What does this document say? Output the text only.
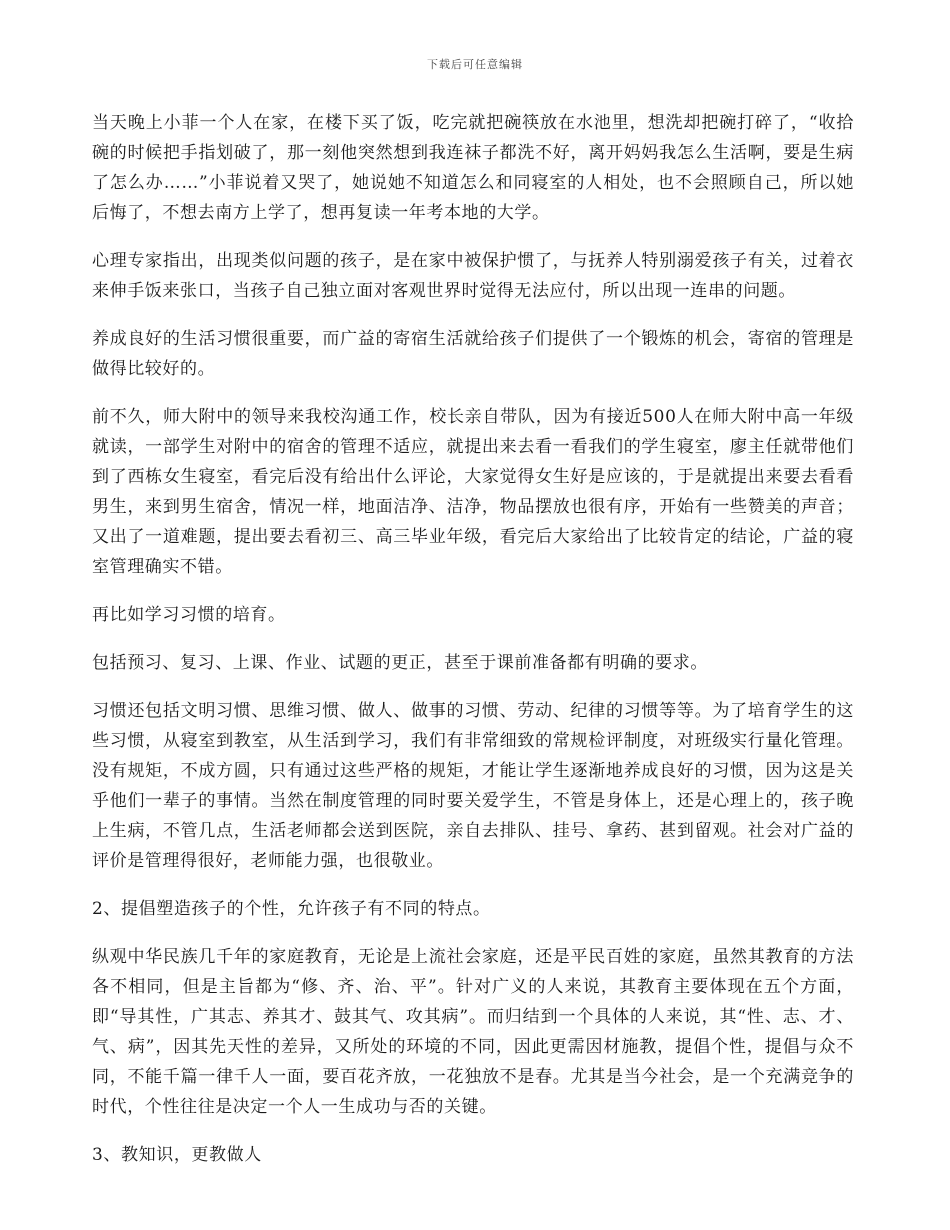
下载后可任意编辑

当天晚上小菲一个人在家，在楼下买了饭，吃完就把碗筷放在水池里，想洗却把碗打碎了，“收拾碗的时候把手指划破了，那一刻他突然想到我连袜子都洗不好，离开妈妈我怎么生活啊，要是生病了怎么办……”小菲说着又哭了，她说她不知道怎么和同寝室的人相处，也不会照顾自己，所以她后悔了，不想去南方上学了，想再复读一年考本地的大学。

心理专家指出，出现类似问题的孩子，是在家中被保护惯了，与抚养人特别溺爱孩子有关，过着衣来伸手饭来张口，当孩子自己独立面对客观世界时觉得无法应付，所以出现一连串的问题。

养成良好的生活习惯很重要，而广益的寄宿生活就给孩子们提供了一个锻炼的机会，寄宿的管理是做得比较好的。

前不久，师大附中的领导来我校沟通工作，校长亲自带队，因为有接近500人在师大附中高一年级就读，一部学生对附中的宿舍的管理不适应，就提出来去看一看我们的学生寝室，廖主任就带他们到了西栋女生寝室，看完后没有给出什么评论，大家觉得女生好是应该的，于是就提出来要去看看男生，来到男生宿舍，情况一样，地面洁净、洁净，物品摆放也很有序，开始有一些赞美的声音；又出了一道难题，提出要去看初三、高三毕业年级，看完后大家给出了比较肯定的结论，广益的寝室管理确实不错。

再比如学习习惯的培育。

包括预习、复习、上课、作业、试题的更正，甚至于课前准备都有明确的要求。

习惯还包括文明习惯、思维习惯、做人、做事的习惯、劳动、纪律的习惯等等。为了培育学生的这些习惯，从寝室到教室，从生活到学习，我们有非常细致的常规检评制度，对班级实行量化管理。没有规矩，不成方圆，只有通过这些严格的规矩，才能让学生逐渐地养成良好的习惯，因为这是关乎他们一辈子的事情。当然在制度管理的同时要关爱学生，不管是身体上，还是心理上的，孩子晚上生病，不管几点，生活老师都会送到医院，亲自去排队、挂号、拿药、甚到留观。社会对广益的评价是管理得很好，老师能力强，也很敬业。

2、提倡塑造孩子的个性，允许孩子有不同的特点。

纵观中华民族几千年的家庭教育，无论是上流社会家庭，还是平民百姓的家庭，虽然其教育的方法各不相同，但是主旨都为“修、齐、治、平”。针对广义的人来说，其教育主要体现在五个方面，即“导其性，广其志、养其才、鼓其气、攻其病”。而归结到一个具体的人来说，其“性、志、才、气、病”，因其先天性的差异，又所处的环境的不同，因此更需因材施教，提倡个性，提倡与众不同，不能千篇一律千人一面，要百花齐放，一花独放不是春。尤其是当今社会，是一个充满竞争的时代，个性往往是决定一个人一生成功与否的关键。

3、教知识，更教做人
